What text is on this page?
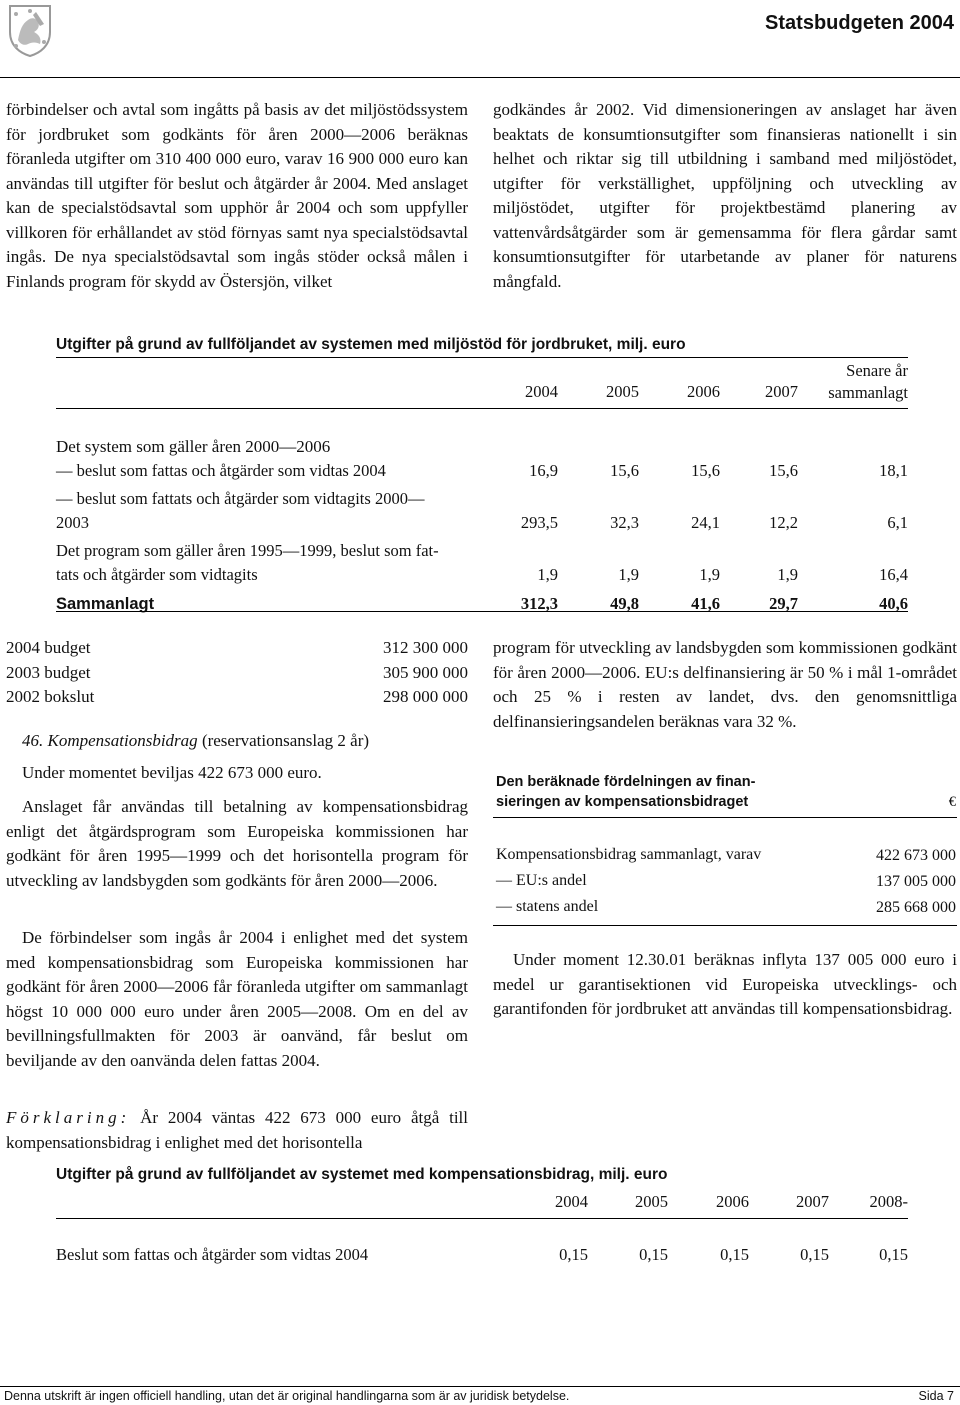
Statsbudgeten 2004
förbindelser och avtal som ingåtts på basis av det miljöstödssystem för jordbruket som godkänts för åren 2000—2006 beräknas föranleda utgifter om 310 400 000 euro, varav 16 900 000 euro kan användas till utgifter för beslut och åtgärder år 2004. Med anslaget kan de specialstödsavtal som upphör år 2004 och som uppfyller villkoren för erhållandet av stöd förnyas samt nya specialstödsavtal ingås. De nya specialstödsavtal som ingås stöder också målen i Finlands program för skydd av Östersjön, vilket
godkändes år 2002. Vid dimensioneringen av anslaget har även beaktats de konsumtionsutgifter som finansieras nationellt i sin helhet och riktar sig till utbildning i samband med miljöstödet, utgifter för verkställighet, uppföljning och utveckling av miljöstödet, utgifter för projektbestämd planering av vattenvårdsåtgärder som är gemensamma för flera gårdar samt konsumtionsutgifter för utarbetande av planer för naturens mångfald.
Utgifter på grund av fullföljandet av systemen med miljöstöd för jordbruket, milj. euro
	2004	2005	2006	2007	
Senare år
sammanlagt
Det system som gäller åren 2000—2006
— beslut som fattas och åtgärder som vidtas 2004	16,9	15,6	15,6	15,6	18,1

— beslut som fattats och åtgärder som vidtagits 2000—
2003	293,5	32,3	24,1	12,2	6,1

Det program som gäller åren 1995—1999, beslut som fat-
tats och åtgärder som vidtagits	1,9	1,9	1,9	1,9	16,4
Sammanlagt	312,3	49,8	41,6	29,7	40,6
2004 budget	312 300 000
2003 budget	305 900 000
2002 bokslut	298 000 000
46. Kompensationsbidrag (reservationsanslag 2 år)
Under momentet beviljas 422 673 000 euro.
Anslaget får användas till betalning av kompensationsbidrag enligt det åtgärdsprogram som Europeiska kommissionen har godkänt för åren 1995—1999 och det horisontella program för utveckling av landsbygden som godkänts för åren 2000—2006.
De förbindelser som ingås år 2004 i enlighet med det system med kompensationsbidrag som Europeiska kommissionen har godkänt för åren 2000—2006 får föranleda utgifter om sammanlagt högst 10 000 000 euro under åren 2005—2008. Om en del av bevillningsfullmakten för 2003 är oanvänd, får beslut om beviljande av den oanvända delen fattas 2004.
Förklaring: År 2004 väntas 422 673 000 euro åtgå till kompensationsbidrag i enlighet med det horisontella
program för utveckling av landsbygden som kommissionen godkänt för åren 2000—2006. EU:s delfinansiering är 50 % i mål 1-området och 25 % i resten av landet, dvs. den genomsnittliga delfinansieringsandelen beräknas vara 32 %.
Den beräknade fördelningen av finan-
sieringen av kompensationsbidraget	€
Kompensationsbidrag sammanlagt, varav	422 673 000
— EU:s andel	137 005 000
— statens andel	285 668 000
Under moment 12.30.01 beräknas inflyta 137 005 000 euro i medel ur garantisektionen vid Europeiska utvecklings- och garantifonden för jordbruket att användas till kompensationsbidrag.
Utgifter på grund av fullföljandet av systemet med kompensationsbidrag, milj. euro
	2004	2005	2006	2007	2008-
Beslut som fattas och åtgärder som vidtas 2004	0,15	0,15	0,15	0,15	0,15
Denna utskrift är ingen officiell handling, utan det är original handlingarna som är av juridisk betydelse.	Sida 7
